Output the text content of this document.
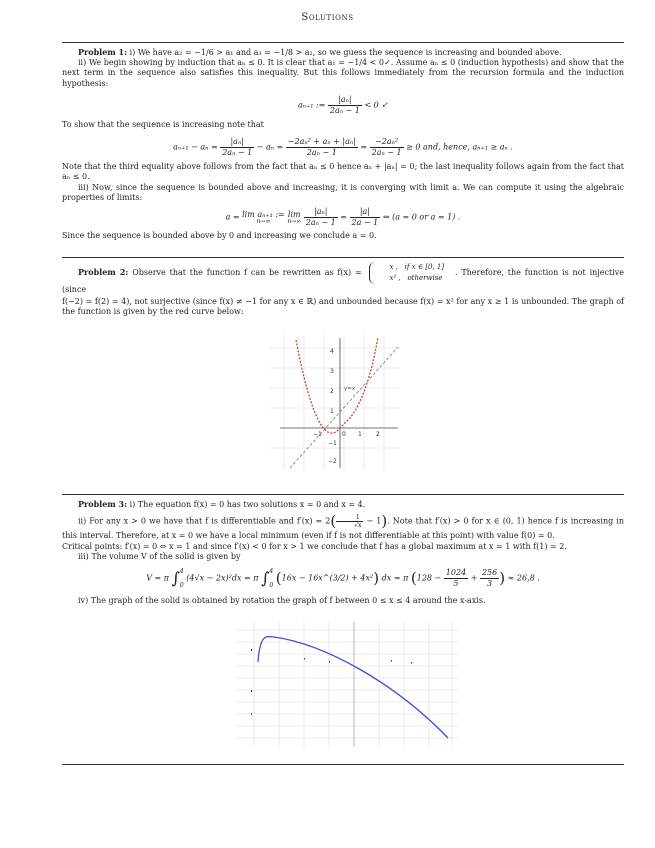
Solutions

Problem 1: i) We have a₂ = −1/6 > a₁ and a₃ = −1/8 > a₂, so we guess the sequence is increasing and bounded above.

ii) We begin showing by induction that aₙ ≤ 0. It is clear that a₁ = −1/4 < 0✓. Assume aₙ ≤ 0 (induction hypothesis) and show that the next term in the sequence also satisfies this inequality. But this follows immediately from the recursion formula and the induction hypothesis:

aₙ₊₁ := $\frac{\text{|aₙ|}}{\text{2aₙ − 1}} < 0$ ✓

To show that the sequence is increasing note that

$a_{n+1} - a_n = \frac{\text{|aₙ|}}{\text{2aₙ − 1}} - a_n = \frac{\text{−2aₙ² + aₙ + |aₙ|}}{\text{2aₙ − 1}} = \frac{\text{−2aₙ²}}{\text{2aₙ − 1}} \ge 0$ and, hence, aₙ₊₁ ≥ aₙ .

Note that the third equality above follows from the fact that aₙ ≤ 0 hence aₙ + |aₙ| = 0; the last inequality follows again from the fact that aₙ ≤ 0.

iii) Now, since the sequence is bounded above and increasing, it is converging with limit a. We can compute it using the algebraic properties of limits:

a = lim aₙ₊₁ :=
n→∞
lim
n→∞
$\frac{\text{|aₙ|}}{\text{2aₙ − 1}} = \frac{|a|}{2a - 1}$ ⇔ (a = 0 or a = 1) .

Since the sequence is bounded above by 0 and increasing we conclude a = 0.

Problem 2: Observe that the function f can be rewritten as f(x) =
x , if x ∈ [0, 1]
x² , otherwise
. Therefore, the function is not injective (since

f(−2) = f(2) = 4), not surjective (since f(x) ≠ −1 for any x ∈ ℝ) and unbounded because f(x) = x² for any x ≥ 1 is unbounded. The graph of the function is given by the red curve below:

4
3
2
1
−1
−2
−1	1 2
0
y=x

Problem 3: i) The equation f(x) = 0 has two solutions x = 0 and x = 4.

ii) For any x > 0 we have that f is differentiable and $f'(x) = 2( \frac{1}{√x} - 1)$. Note that f′(x) > 0 for x ∈ (0, 1) hence f is increasing in this interval. Therefore, at x = 0 we have a local minimum (even if f is not differentiable at this point) with value f(0) = 0.

Critical points: f′(x) = 0 ⇔ x = 1 and since f′(x) < 0 for x > 1 we conclude that f has a global maximum at x = 1 with f(1) = 2.

iii) The volume V of the solid is given by

V = π ∫4
0 (4√x − 2x)²dx = π ∫4
0 (16x − 16x^(3/2) + 4x²) dx = π ($128 - \frac{1024}{5} + \frac{256}{3}$ ) ≈ 26,8 .

iv) The graph of the solid is obtained by rotation the graph of f between 0 ≤ x ≤ 4 around the x-axis.
